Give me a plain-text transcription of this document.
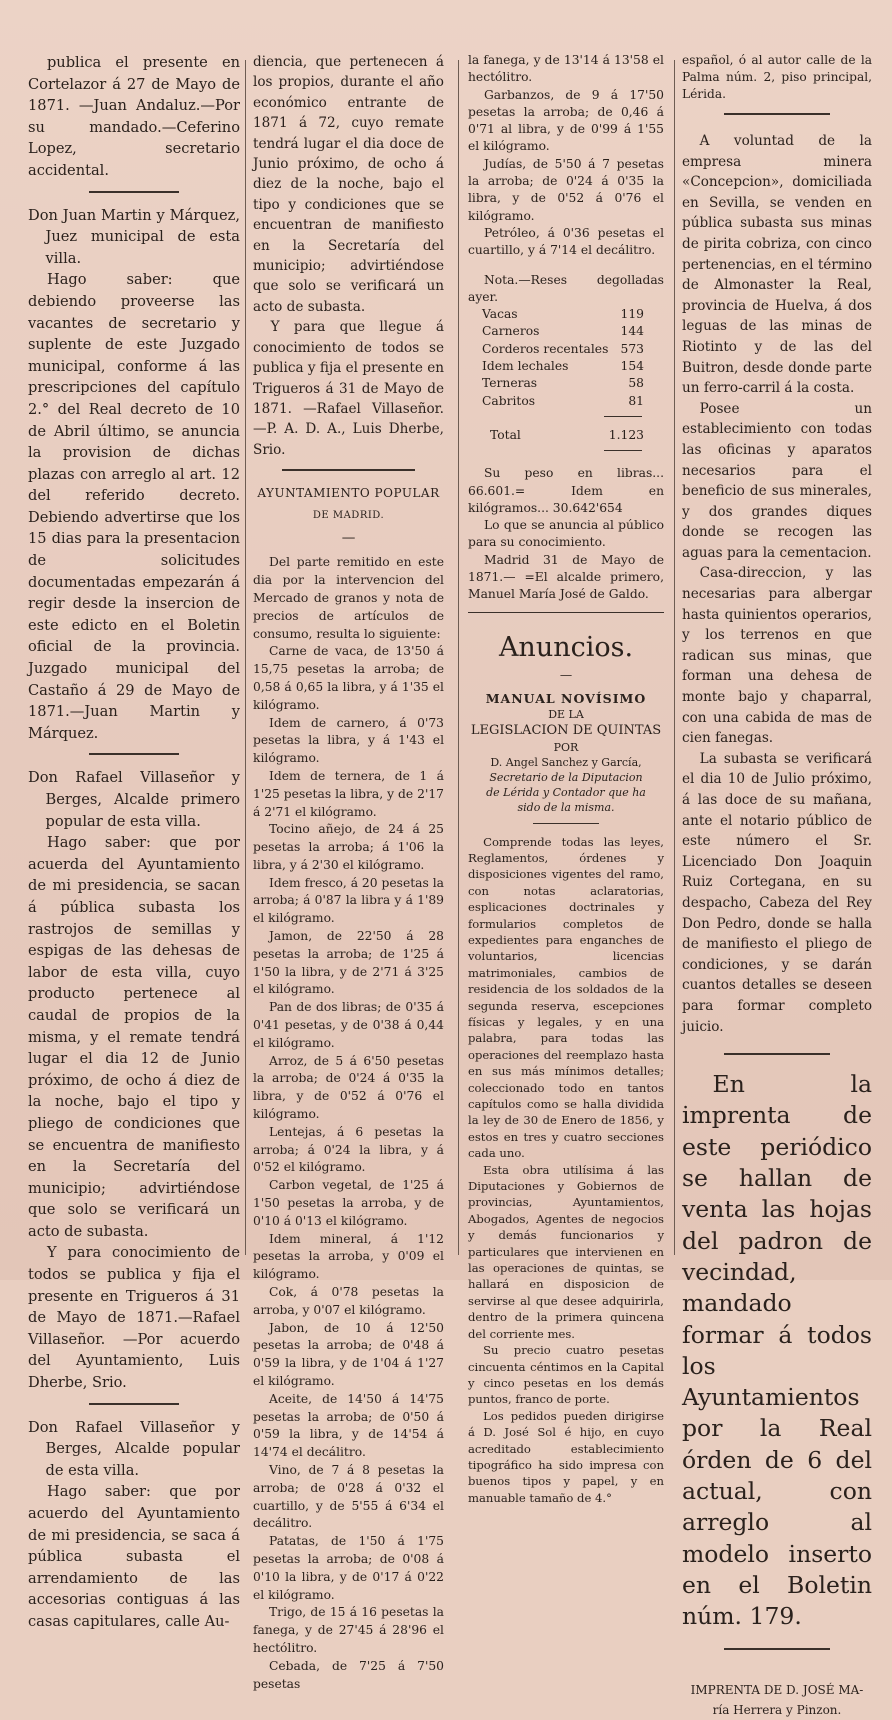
publica el presente en Cortelazor á 27 de Mayo de 1871. —Juan Andaluz.—Por su mandado.—Ceferino Lopez, secretario accidental.

Don Juan Martin y Márquez, Juez municipal de esta villa.

Hago saber: que debiendo proveerse las vacantes de secretario y suplente de este Juzgado municipal, conforme á las prescripciones del capítulo 2.° del Real decreto de 10 de Abril último, se anuncia la provision de dichas plazas con arreglo al art. 12 del referido decreto. Debiendo advertirse que los 15 dias para la presentacion de solicitudes documentadas empezarán á regir desde la insercion de este edicto en el Boletin oficial de la provincia. Juzgado municipal del Castaño á 29 de Mayo de 1871.—Juan Martin y Márquez.

Don Rafael Villaseñor y Berges, Alcalde primero popular de esta villa.

Hago saber: que por acuerda del Ayuntamiento de mi presidencia, se sacan á pública subasta los rastrojos de semillas y espigas de las dehesas de labor de esta villa, cuyo producto pertenece al caudal de propios de la misma, y el remate tendrá lugar el dia 12 de Junio próximo, de ocho á diez de la noche, bajo el tipo y pliego de condiciones que se encuentra de manifiesto en la Secretaría del municipio; advirtiéndose que solo se verificará un acto de subasta.

Y para conocimiento de todos se publica y fija el presente en Trigueros á 31 de Mayo de 1871.—Rafael Villaseñor. —Por acuerdo del Ayuntamiento, Luis Dherbe, Srio.

Don Rafael Villaseñor y Berges, Alcalde popular de esta villa.

Hago saber: que por acuerdo del Ayuntamiento de mi presidencia, se saca á pública subasta el arrendamiento de las accesorias contiguas á las casas capitulares, calle Au-

diencia, que pertenecen á los propios, durante el año económico entrante de 1871 á 72, cuyo remate tendrá lugar el dia doce de Junio próximo, de ocho á diez de la noche, bajo el tipo y condiciones que se encuentran de manifiesto en la Secretaría del municipio; advirtiéndose que solo se verificará un acto de subasta.

Y para que llegue á conocimiento de todos se publica y fija el presente en Trigueros á 31 de Mayo de 1871. —Rafael Villaseñor. —P. A. D. A., Luis Dherbe, Srio.

AYUNTAMIENTO POPULAR
DE MADRID.
—

Del parte remitido en este dia por la intervencion del Mercado de granos y nota de precios de artículos de consumo, resulta lo siguiente:

Carne de vaca, de 13'50 á 15,75 pesetas la arroba; de 0,58 á 0,65 la libra, y á 1'35 el kilógramo.

Idem de carnero, á 0'73 pesetas la libra, y á 1'43 el kilógramo.

Idem de ternera, de 1 á 1'25 pesetas la libra, y de 2'17 á 2'71 el kilógramo.

Tocino añejo, de 24 á 25 pesetas la arroba; á 1'06 la libra, y á 2'30 el kilógramo.

Idem fresco, á 20 pesetas la arroba; á 0'87 la libra y á 1'89 el kilógramo.

Jamon, de 22'50 á 28 pesetas la arroba; de 1'25 á 1'50 la libra, y de 2'71 á 3'25 el kilógramo.

Pan de dos libras; de 0'35 á 0'41 pesetas, y de 0'38 á 0,44 el kilógramo.

Arroz, de 5 á 6'50 pesetas la arroba; de 0'24 á 0'35 la libra, y de 0'52 á 0'76 el kilógramo.

Lentejas, á 6 pesetas la arroba; á 0'24 la libra, y á 0'52 el kilógramo.

Carbon vegetal, de 1'25 á 1'50 pesetas la arroba, y de 0'10 á 0'13 el kilógramo.

Idem mineral, á 1'12 pesetas la arroba, y 0'09 el kilógramo.

Cok, á 0'78 pesetas la arroba, y 0'07 el kilógramo.

Jabon, de 10 á 12'50 pesetas la arroba; de 0'48 á 0'59 la libra, y de 1'04 á 1'27 el kilógramo.

Aceite, de 14'50 á 14'75 pesetas la arroba; de 0'50 á 0'59 la libra, y de 14'54 á 14'74 el decálitro.

Vino, de 7 á 8 pesetas la arroba; de 0'28 á 0'32 el cuartillo, y de 5'55 á 6'34 el decálitro.

Patatas, de 1'50 á 1'75 pesetas la arroba; de 0'08 á 0'10 la libra, y de 0'17 á 0'22 el kilógramo.

Trigo, de 15 á 16 pesetas la fanega, y de 27'45 á 28'96 el hectólitro.

Cebada, de 7'25 á 7'50 pesetas

la fanega, y de 13'14 á 13'58 el hectólitro.

Garbanzos, de 9 á 17'50 pesetas la arroba; de 0,46 á 0'71 al libra, y de 0'99 á 1'55 el kilógramo.

Judías, de 5'50 á 7 pesetas la arroba; de 0'24 á 0'35 la libra, y de 0'52 á 0'76 el kilógramo.

Petróleo, á 0'36 pesetas el cuartillo, y á 7'14 el decálitro.

Nota.—Reses degolladas ayer.

Vacas	119
Carneros	144
Corderos recentales 573
Idem lechales	154
Terneras	58
Cabritos	81
Total	1.123

Su peso en libras... 66.601.= Idem en kilógramos... 30.642'654

Lo que se anuncia al público para su conocimiento.

Madrid 31 de Mayo de 1871.— =El alcalde primero, Manuel María José de Galdo.

Anuncios.
—
MANUAL NOVÍSIMO
DE LA
LEGISLACION DE QUINTAS
POR
D. Angel Sanchez y García,
Secretario de la Diputacion de Lérida y Contador que ha sido de la misma.

Comprende todas las leyes, Reglamentos, órdenes y disposiciones vigentes del ramo, con notas aclaratorias, esplicaciones doctrinales y formularios completos de expedientes para enganches de voluntarios, licencias matrimoniales, cambios de residencia de los soldados de la segunda reserva, escepciones físicas y legales, y en una palabra, para todas las operaciones del reemplazo hasta en sus más mínimos detalles; coleccionado todo en tantos capítulos como se halla dividida la ley de 30 de Enero de 1856, y estos en tres y cuatro secciones cada uno.

Esta obra utilísima á las Diputaciones y Gobiernos de provincias, Ayuntamientos, Abogados, Agentes de negocios y demás funcionarios y particulares que intervienen en las operaciones de quintas, se hallará en disposicion de servirse al que desee adquirirla, dentro de la primera quincena del corriente mes.

Su precio cuatro pesetas cincuenta céntimos en la Capital y cinco pesetas en los demás puntos, franco de porte.

Los pedidos pueden dirigirse á D. José Sol é hijo, en cuyo acreditado establecimiento tipográfico ha sido impresa con buenos tipos y papel, y en manuable tamaño de 4.°

español, ó al autor calle de la Palma núm. 2, piso principal, Lérida.

A voluntad de la empresa minera «Concepcion», domiciliada en Sevilla, se venden en pública subasta sus minas de pirita cobriza, con cinco pertenencias, en el término de Almonaster la Real, provincia de Huelva, á dos leguas de las minas de Riotinto y de las del Buitron, desde donde parte un ferro-carril á la costa.

Posee un establecimiento con todas las oficinas y aparatos necesarios para el beneficio de sus minerales, y dos grandes diques donde se recogen las aguas para la cementacion.

Casa-direccion, y las necesarias para albergar hasta quinientos operarios, y los terrenos en que radican sus minas, que forman una dehesa de monte bajo y chaparral, con una cabida de mas de cien fanegas.

La subasta se verificará el dia 10 de Julio próximo, á las doce de su mañana, ante el notario público de este número el Sr. Licenciado Don Joaquin Ruiz Cortegana, en su despacho, Cabeza del Rey Don Pedro, donde se halla de manifiesto el pliego de condiciones, y se darán cuantos detalles se deseen para formar completo juicio.

En la imprenta de este periódico se hallan de venta las hojas del padron de vecindad, mandado formar á todos los Ayuntamientos por la Real órden de 6 del actual, con arreglo al modelo inserto en el Boletin núm. 179.

IMPRENTA DE D. JOSÉ MA-
ría Herrera y Pinzon.
